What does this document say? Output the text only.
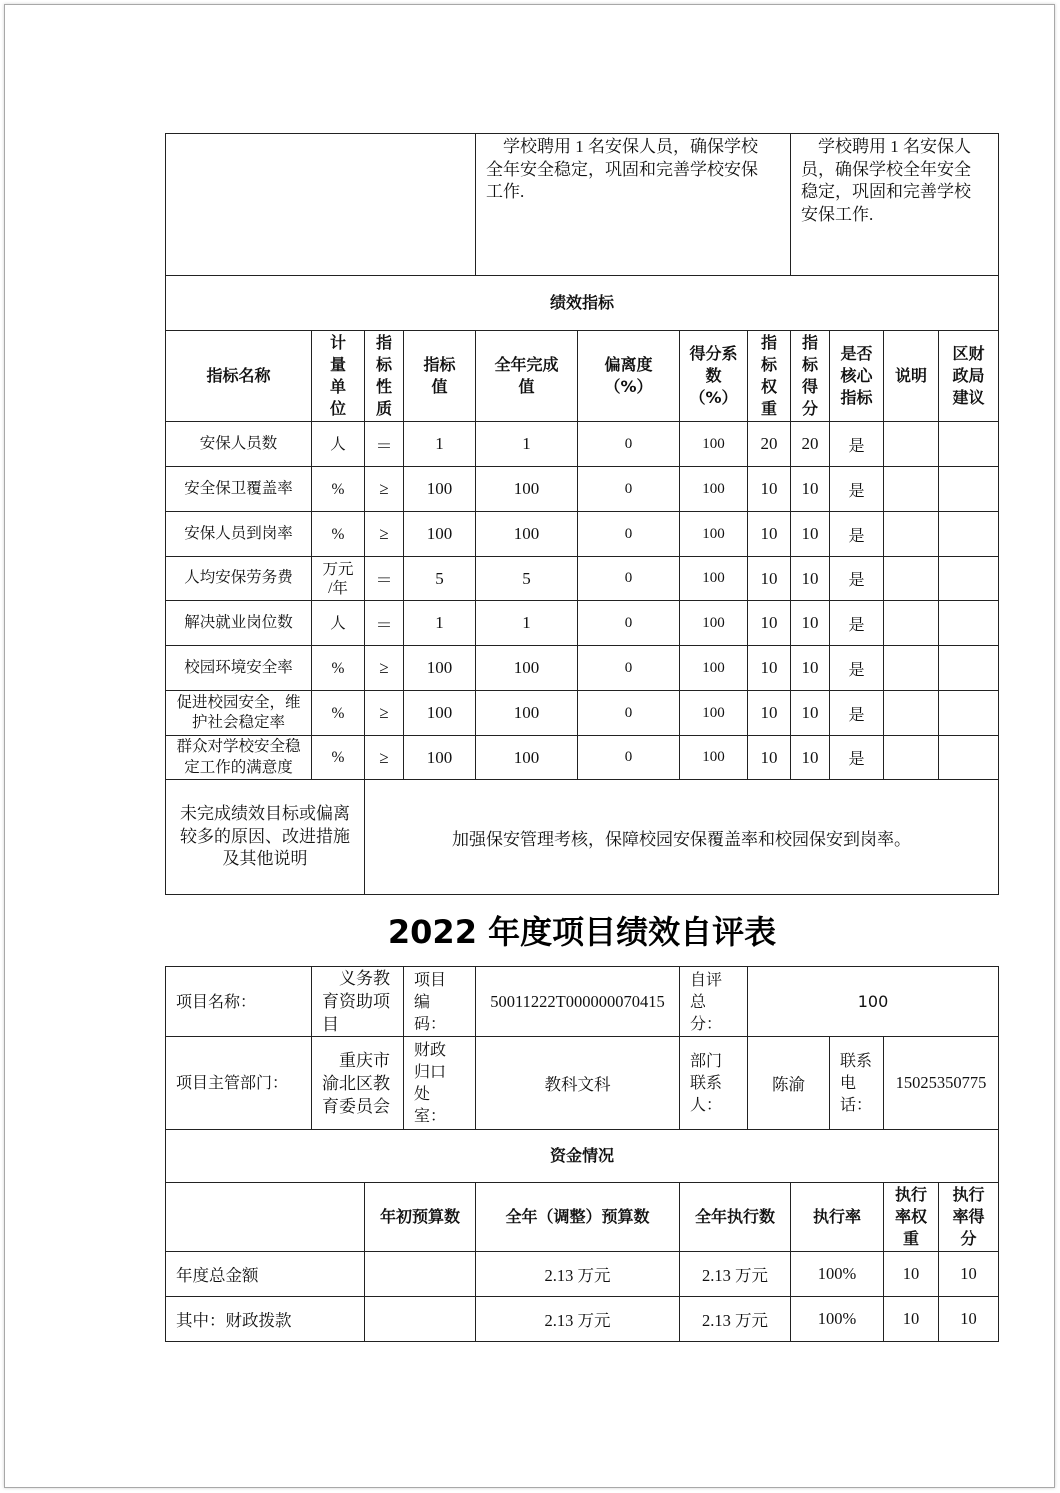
				学校聘用 1 名安保人员，确保学校全年安全稳定，巩固和完善学校安保工作.				学校聘用 1 名安保人员，确保学校全年安全稳定，巩固和完善学校安保工作.			
绩效指标											
指标名称	计量单位	指标性质	指标值	全年完成值	偏离度（%）	得分系数（%）	指标权重	指标得分	是否核心指标	说明	区财政局建议
安保人员数	人	＝	1	1	0	100	20	20	是		
安全保卫覆盖率	%	≥	100	100	0	100	10	10	是		
安保人员到岗率	%	≥	100	100	0	100	10	10	是		
人均安保劳务费	万元/年	＝	5	5	0	100	10	10	是		
解决就业岗位数	人	＝	1	1	0	100	10	10	是		
校园环境安全率	%	≥	100	100	0	100	10	10	是		
促进校园安全，维护社会稳定率	%	≥	100	100	0	100	10	10	是		
群众对学校安全稳定工作的满意度	%	≥	100	100	0	100	10	10	是		
未完成绩效目标或偏离较多的原因、改进措施及其他说明		加强保安管理考核，保障校园安保覆盖率和校园保安到岗率。									
2022 年度项目绩效自评表
项目名称：	义务教育资助项目		项目编码：	50011222T000000070415	自评总分：	100				
项目主管部门：	重庆市渝北区教育委员会		财政归口处室：	教科文科	部门联系人：	陈渝		联系电话：	15025350775	
资金情况										
		年初预算数		全年（调整）预算数	全年执行数		执行率		执行率权重	执行率得分
年度总金额				2.13 万元	2.13 万元		100%		10	10
其中：财政拨款				2.13 万元	2.13 万元		100%		10	10
